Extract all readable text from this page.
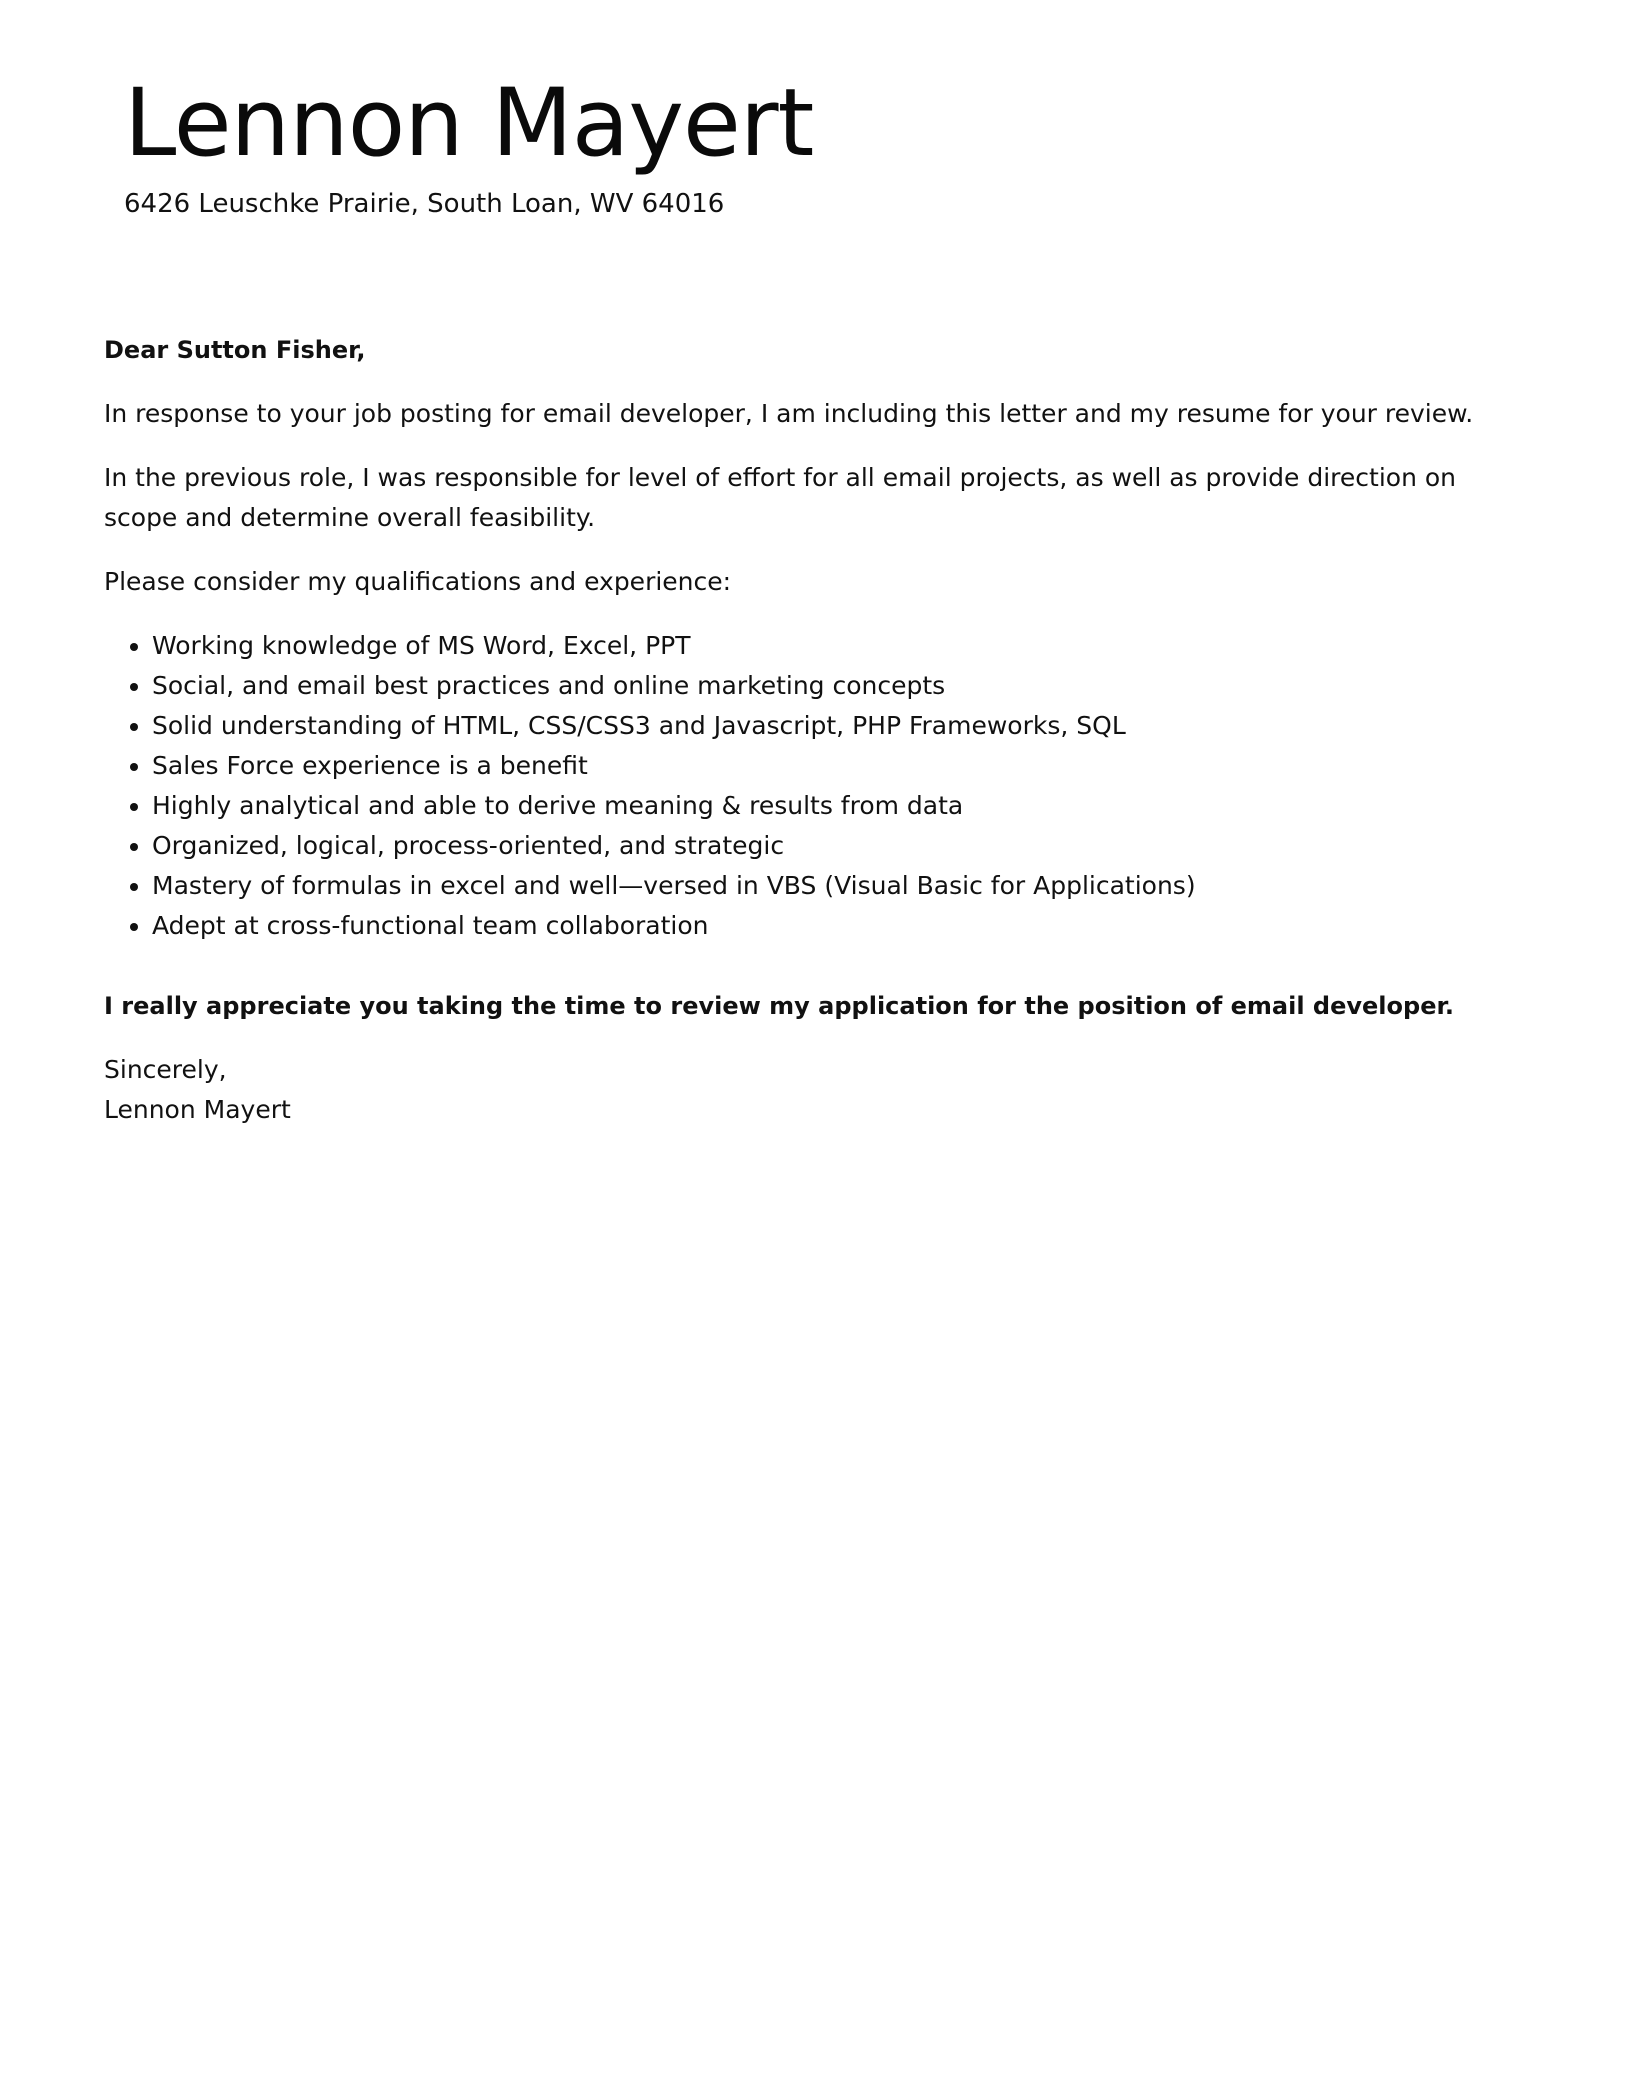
Lennon Mayert
6426 Leuschke Prairie, South Loan, WV 64016

Dear Sutton Fisher,

In response to your job posting for email developer, I am including this letter and my resume for your review.

In the previous role, I was responsible for level of effort for all email projects, as well as provide direction on scope and determine overall feasibility.

Please consider my qualifications and experience:

• Working knowledge of MS Word, Excel, PPT
• Social, and email best practices and online marketing concepts
• Solid understanding of HTML, CSS/CSS3 and Javascript, PHP Frameworks, SQL
• Sales Force experience is a benefit
• Highly analytical and able to derive meaning & results from data
• Organized, logical, process-oriented, and strategic
• Mastery of formulas in excel and well—versed in VBS (Visual Basic for Applications)
• Adept at cross-functional team collaboration

I really appreciate you taking the time to review my application for the position of email developer.

Sincerely,
Lennon Mayert
